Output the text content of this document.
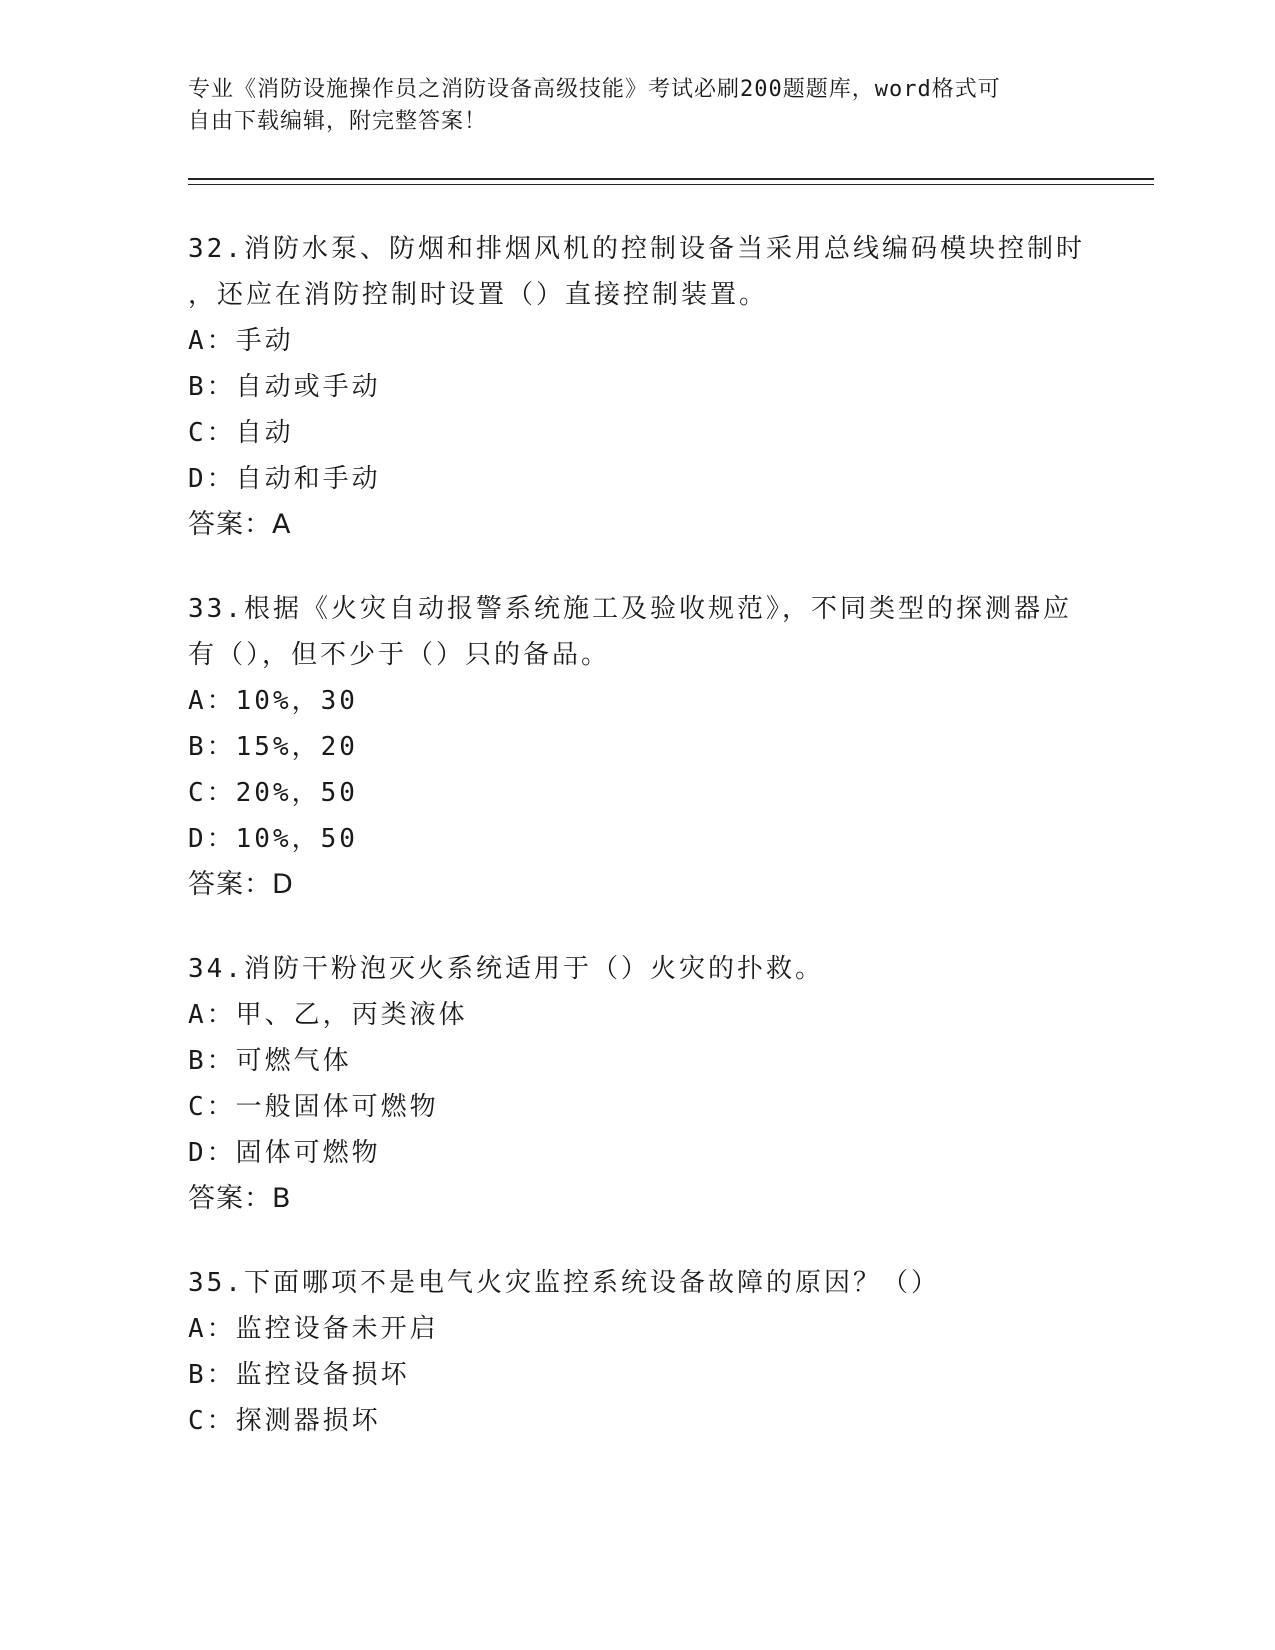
专业《消防设施操作员之消防设备高级技能》考试必刷200题题库，word格式可
自由下载编辑，附完整答案！
32.消防水泵、防烟和排烟风机的控制设备当采用总线编码模块控制时
，还应在消防控制时设置（）直接控制装置。
A：手动
B：自动或手动
C：自动
D：自动和手动
答案：A
33.根据《火灾自动报警系统施工及验收规范》，不同类型的探测器应
有（），但不少于（）只的备品。
A：10%，30
B：15%，20
C：20%，50
D：10%，50
答案：D
34.消防干粉泡灭火系统适用于（）火灾的扑救。
A：甲、乙，丙类液体
B：可燃气体
C：一般固体可燃物
D：固体可燃物
答案：B
35.下面哪项不是电气火灾监控系统设备故障的原因？（）
A：监控设备未开启
B：监控设备损坏
C：探测器损坏
